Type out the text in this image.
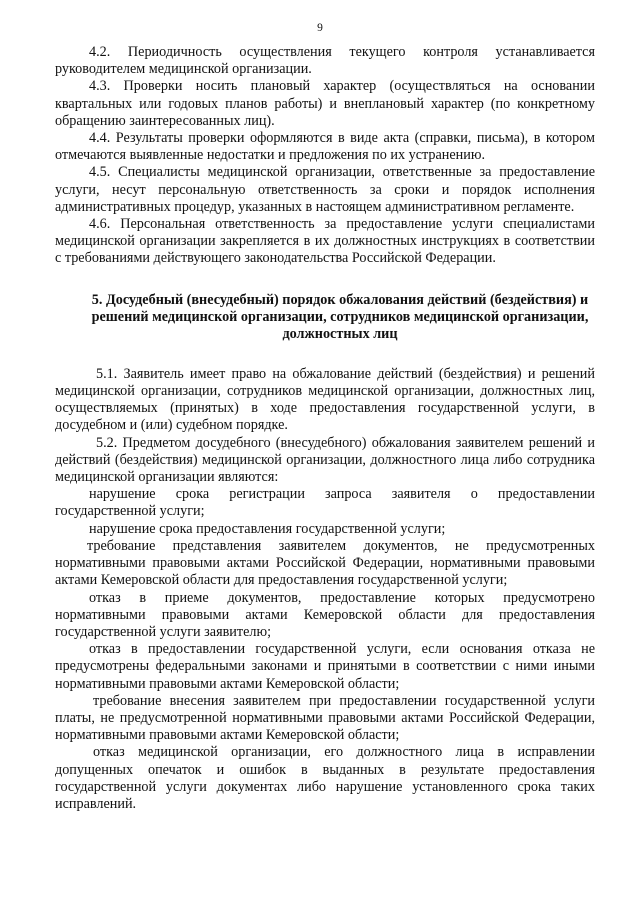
9

4.2. Периодичность осуществления текущего контроля устанавливается руководителем медицинской организации.

4.3. Проверки носить плановый характер (осуществляться на основании квартальных или годовых планов работы) и внеплановый характер (по конкретному обращению заинтересованных лиц).

4.4. Результаты проверки оформляются в виде акта (справки, письма), в котором отмечаются выявленные недостатки и предложения по их устранению.

4.5. Специалисты медицинской организации, ответственные за предоставление услуги, несут персональную ответственность за сроки и порядок исполнения административных процедур, указанных в настоящем административном регламенте.

4.6. Персональная ответственность за предоставление услуги специалистами медицинской организации закрепляется в их должностных инструкциях в соответствии с требованиями действующего законодательства Российской Федерации.

5. Досудебный (внесудебный) порядок обжалования действий (бездействия) и решений медицинской организации, сотрудников медицинской организации, должностных лиц

5.1. Заявитель имеет право на обжалование действий (бездействия) и решений медицинской организации, сотрудников медицинской организации, должностных лиц, осуществляемых (принятых) в ходе предоставления государственной услуги, в досудебном и (или) судебном порядке.

5.2. Предметом досудебного (внесудебного) обжалования заявителем решений и действий (бездействия) медицинской организации, должностного лица либо сотрудника медицинской организации являются:

нарушение срока регистрации запроса заявителя о предоставлении государственной услуги;

нарушение срока предоставления государственной услуги;

требование представления заявителем документов, не предусмотренных нормативными правовыми актами Российской Федерации, нормативными правовыми актами Кемеровской области для предоставления государственной услуги;

отказ в приеме документов, предоставление которых предусмотрено нормативными правовыми актами Кемеровской области для предоставления государственной услуги заявителю;

отказ в предоставлении государственной услуги, если основания отказа не предусмотрены федеральными законами и принятыми в соответствии с ними иными нормативными правовыми актами Кемеровской области;

требование внесения заявителем при предоставлении государственной услуги платы, не предусмотренной нормативными правовыми актами Российской Федерации, нормативными правовыми актами Кемеровской области;

отказ медицинской организации, его должностного лица в исправлении допущенных опечаток и ошибок в выданных в результате предоставления государственной услуги документах либо нарушение установленного срока таких исправлений.
